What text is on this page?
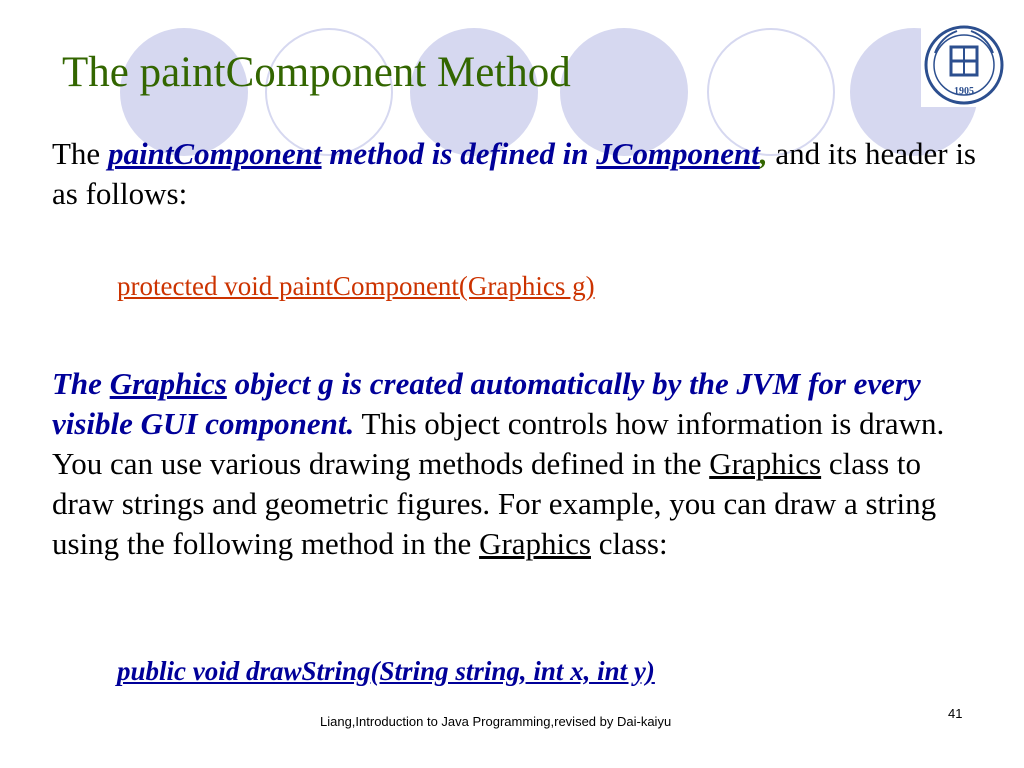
The paintComponent Method	1905
The paintComponent method is defined in JComponent, and its header is as follows:
protected void paintComponent(Graphics g)
The Graphics object g is created automatically by the JVM for every visible GUI component. This object controls how information is drawn. You can use various drawing methods defined in the Graphics class to draw strings and geometric figures. For example, you can draw a string using the following method in the Graphics class:
public void drawString(String string, int x, int y)
Liang,Introduction to Java Programming,revised by Dai-kaiyu
41
